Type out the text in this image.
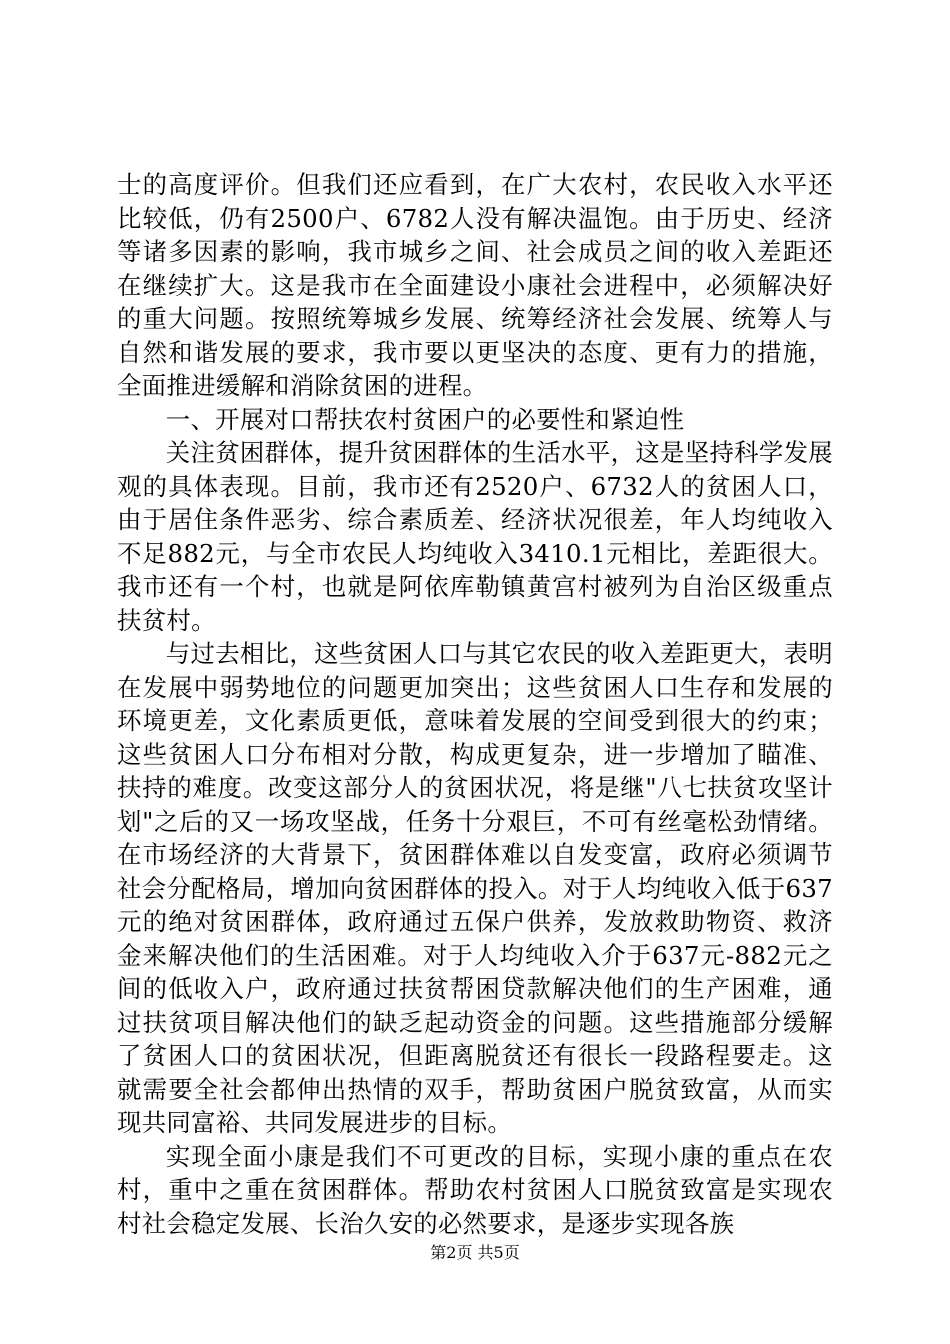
士的高度评价。但我们还应看到，在广大农村，农民收入水平还比较低，仍有2500户、6782人没有解决温饱。由于历史、经济等诸多因素的影响，我市城乡之间、社会成员之间的收入差距还在继续扩大。这是我市在全面建设小康社会进程中，必须解决好的重大问题。按照统筹城乡发展、统筹经济社会发展、统筹人与自然和谐发展的要求，我市要以更坚决的态度、更有力的措施，全面推进缓解和消除贫困的进程。

一、开展对口帮扶农村贫困户的必要性和紧迫性

关注贫困群体，提升贫困群体的生活水平，这是坚持科学发展观的具体表现。目前，我市还有2520户、6732人的贫困人口，由于居住条件恶劣、综合素质差、经济状况很差，年人均纯收入不足882元，与全市农民人均纯收入3410.1元相比，差距很大。我市还有一个村，也就是阿依库勒镇黄宫村被列为自治区级重点扶贫村。

与过去相比，这些贫困人口与其它农民的收入差距更大，表明在发展中弱势地位的问题更加突出；这些贫困人口生存和发展的环境更差，文化素质更低，意味着发展的空间受到很大的约束；这些贫困人口分布相对分散，构成更复杂，进一步增加了瞄准、扶持的难度。改变这部分人的贫困状况，将是继"八七扶贫攻坚计划"之后的又一场攻坚战，任务十分艰巨，不可有丝毫松劲情绪。在市场经济的大背景下，贫困群体难以自发变富，政府必须调节社会分配格局，增加向贫困群体的投入。对于人均纯收入低于637元的绝对贫困群体，政府通过五保户供养，发放救助物资、救济金来解决他们的生活困难。对于人均纯收入介于637元-882元之间的低收入户，政府通过扶贫帮困贷款解决他们的生产困难，通过扶贫项目解决他们的缺乏起动资金的问题。这些措施部分缓解了贫困人口的贫困状况，但距离脱贫还有很长一段路程要走。这就需要全社会都伸出热情的双手，帮助贫困户脱贫致富，从而实现共同富裕、共同发展进步的目标。

实现全面小康是我们不可更改的目标，实现小康的重点在农村，重中之重在贫困群体。帮助农村贫困人口脱贫致富是实现农村社会稳定发展、长治久安的必然要求，是逐步实现各族

第2页 共5页
